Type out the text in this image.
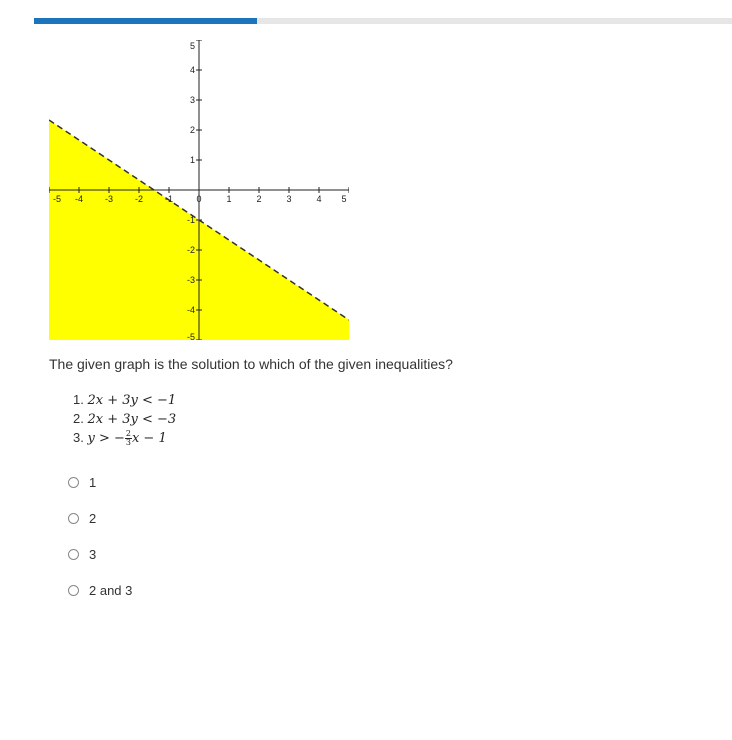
-5 -4 -3 -2 -1	0	1	2	3	4 5
-5
-4
-3
-2
-1
1
2
3
4
5
The given graph is the solution to which of the given inequalities?
1. 2x + 3y < −1
2. 2x + 3y < −3
3. y > − $\frac{2}{3}$ x − 1
1
2
3
2 and 3
